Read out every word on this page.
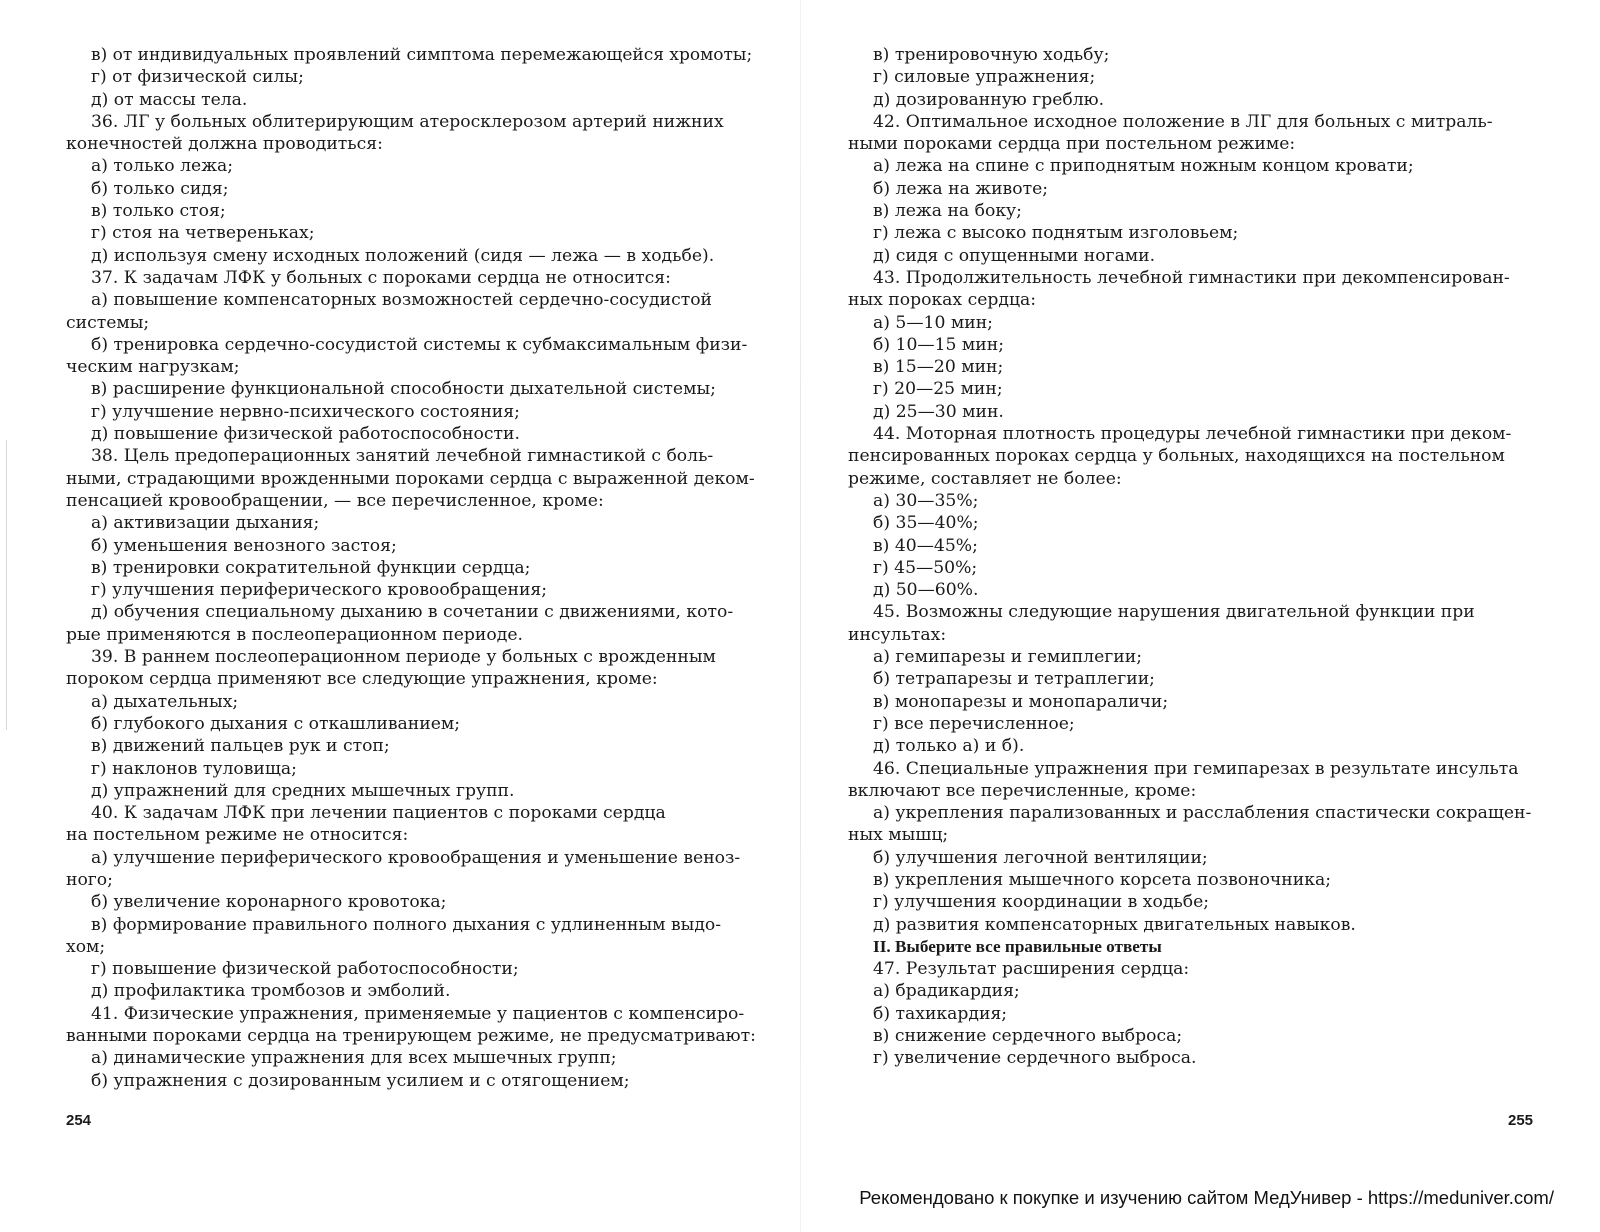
в) от индивидуальных проявлений симптома перемежающейся хромоты;
г) от физической силы;
д) от массы тела.
36. ЛГ у больных облитерирующим атеросклерозом артерий нижних
конечностей должна проводиться:
а) только лежа;
б) только сидя;
в) только стоя;
г) стоя на четвереньках;
д) используя смену исходных положений (сидя — лежа — в ходьбе).
37. К задачам ЛФК у больных с пороками сердца не относится:
а) повышение компенсаторных возможностей сердечно-сосудистой
системы;
б) тренировка сердечно-сосудистой системы к субмаксимальным физи-
ческим нагрузкам;
в) расширение функциональной способности дыхательной системы;
г) улучшение нервно-психического состояния;
д) повышение физической работоспособности.
38. Цель предоперационных занятий лечебной гимнастикой с боль-
ными, страдающими врожденными пороками сердца с выраженной деком-
пенсацией кровообращении, — все перечисленное, кроме:
а) активизации дыхания;
б) уменьшения венозного застоя;
в) тренировки сократительной функции сердца;
г) улучшения периферического кровообращения;
д) обучения специальному дыханию в сочетании с движениями, кото-
рые применяются в послеоперационном периоде.
39. В раннем послеоперационном периоде у больных с врожденным
пороком сердца применяют все следующие упражнения, кроме:
а) дыхательных;
б) глубокого дыхания с откашливанием;
в) движений пальцев рук и стоп;
г) наклонов туловища;
д) упражнений для средних мышечных групп.
40. К задачам ЛФК при лечении пациентов с пороками сердца
на постельном режиме не относится:
а) улучшение периферического кровообращения и уменьшение веноз-
ного;
б) увеличение коронарного кровотока;
в) формирование правильного полного дыхания с удлиненным выдо-
хом;
г) повышение физической работоспособности;
д) профилактика тромбозов и эмболий.
41. Физические упражнения, применяемые у пациентов с компенсиро-
ванными пороками сердца на тренирующем режиме, не предусматривают:
а) динамические упражнения для всех мышечных групп;
б) упражнения с дозированным усилием и с отягощением;
254
в) тренировочную ходьбу;
г) силовые упражнения;
д) дозированную греблю.
42. Оптимальное исходное положение в ЛГ для больных с митраль-
ными пороками сердца при постельном режиме:
а) лежа на спине с приподнятым ножным концом кровати;
б) лежа на животе;
в) лежа на боку;
г) лежа с высоко поднятым изголовьем;
д) сидя с опущенными ногами.
43. Продолжительность лечебной гимнастики при декомпенсирован-
ных пороках сердца:
а) 5—10 мин;
б) 10—15 мин;
в) 15—20 мин;
г) 20—25 мин;
д) 25—30 мин.
44. Моторная плотность процедуры лечебной гимнастики при деком-
пенсированных пороках сердца у больных, находящихся на постельном
режиме, составляет не более:
а) 30—35%;
б) 35—40%;
в) 40—45%;
г) 45—50%;
д) 50—60%.
45. Возможны следующие нарушения двигательной функции при
инсультах:
а) гемипарезы и гемиплегии;
б) тетрапарезы и тетраплегии;
в) монопарезы и монопараличи;
г) все перечисленное;
д) только а) и б).
46. Специальные упражнения при гемипарезах в результате инсульта
включают все перечисленные, кроме:
а) укрепления парализованных и расслабления спастически сокращен-
ных мышц;
б) улучшения легочной вентиляции;
в) укрепления мышечного корсета позвоночника;
г) улучшения координации в ходьбе;
д) развития компенсаторных двигательных навыков.
II. Выберите все правильные ответы
47. Результат расширения сердца:
а) брадикардия;
б) тахикардия;
в) снижение сердечного выброса;
г) увеличение сердечного выброса.
255
Рекомендовано к покупке и изучению сайтом МедУнивер - https://meduniver.com/
